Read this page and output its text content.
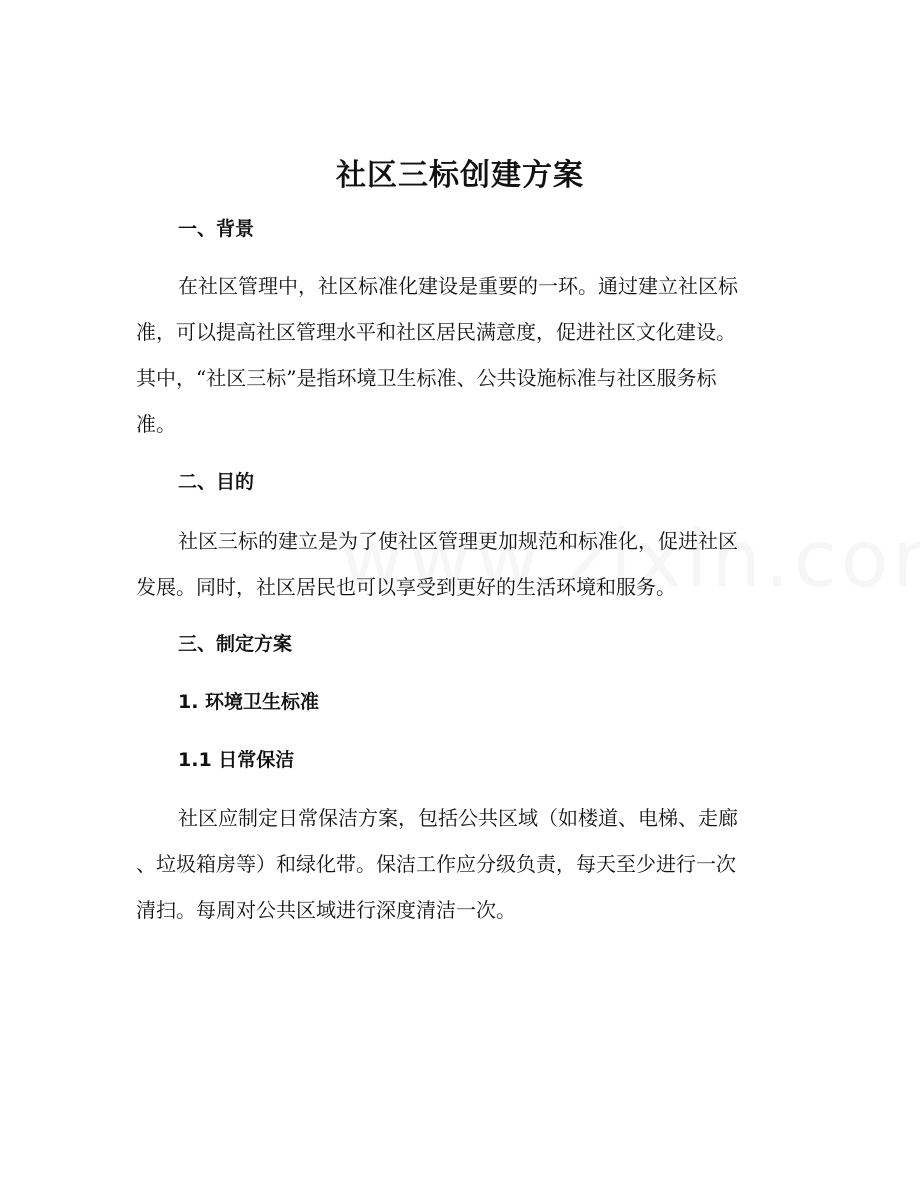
社区三标创建方案
一、背景
在社区管理中，社区标准化建设是重要的一环。通过建立社区标
准，可以提高社区管理水平和社区居民满意度，促进社区文化建设。
其中，“社区三标”是指环境卫生标准、公共设施标准与社区服务标
准。
二、目的
社区三标的建立是为了使社区管理更加规范和标准化，促进社区
发展。同时，社区居民也可以享受到更好的生活环境和服务。
三、制定方案
1. 环境卫生标准
1.1 日常保洁
社区应制定日常保洁方案，包括公共区域（如楼道、电梯、走廊
、垃圾箱房等）和绿化带。保洁工作应分级负责，每天至少进行一次
清扫。每周对公共区域进行深度清洁一次。
